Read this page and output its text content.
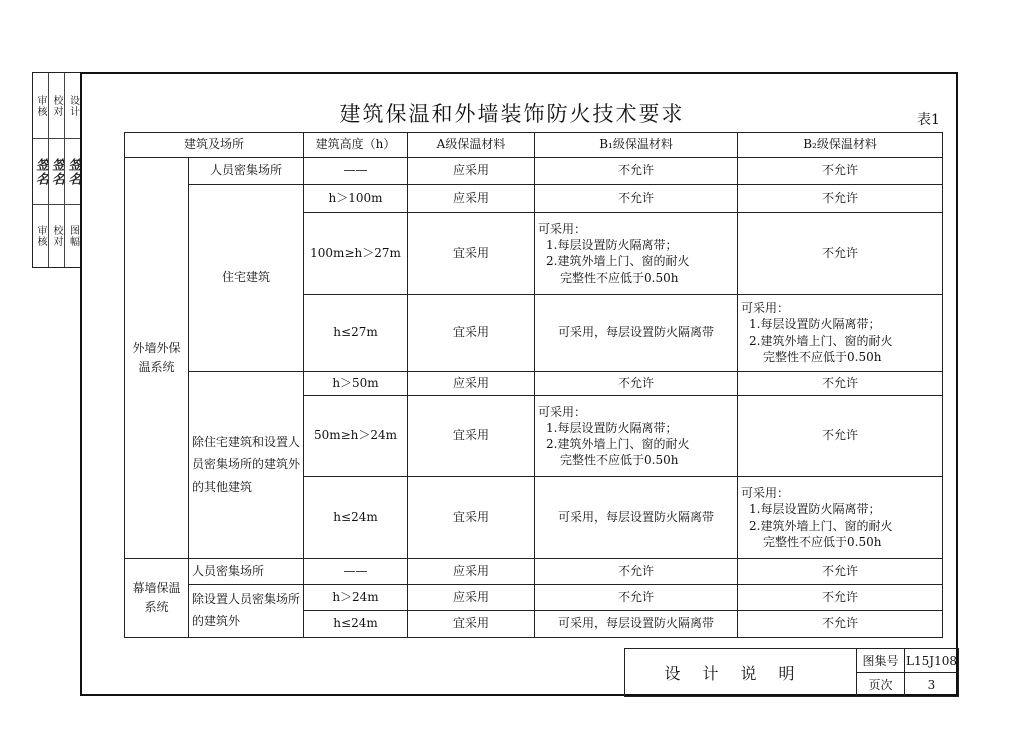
审核 校对 设计
签名 签名 签名
审核 校对 图幅
建筑保温和外墙装饰防火技术要求	表1
建筑及场所		建筑高度（h）	A级保温材料	B₁级保温材料	B₂级保温材料
外墙外保温系统	人员密集场所	——	应采用	不允许	不允许
	住宅建筑	h＞100m	应采用	不允许	不允许
		100m≥h＞27m	宜采用	可采用：
1.每层设置防火隔离带；
2.建筑外墙上门、窗的耐火
完整性不应低于0.50h	不允许
		h≤27m	宜采用	可采用，每层设置防火隔离带	可采用：
1.每层设置防火隔离带；
2.建筑外墙上门、窗的耐火
完整性不应低于0.50h

	除住宅建筑和设置人员密集场所的建筑外的其他建筑	h＞50m	应采用	不允许	不允许
		50m≥h＞24m	宜采用	可采用：
1.每层设置防火隔离带；
2.建筑外墙上门、窗的耐火
完整性不应低于0.50h	不允许
		h≤24m	宜采用	可采用，每层设置防火隔离带	可采用：
1.每层设置防火隔离带；
2.建筑外墙上门、窗的耐火
完整性不应低于0.50h

幕墙保温系统	人员密集场所	——	应采用	不允许	不允许
	除设置人员密集场所的建筑外	h＞24m	应采用	不允许	不允许
		h≤24m	宜采用	可采用，每层设置防火隔离带	不允许
设计说明	图集号	L15J108
	页次	3
